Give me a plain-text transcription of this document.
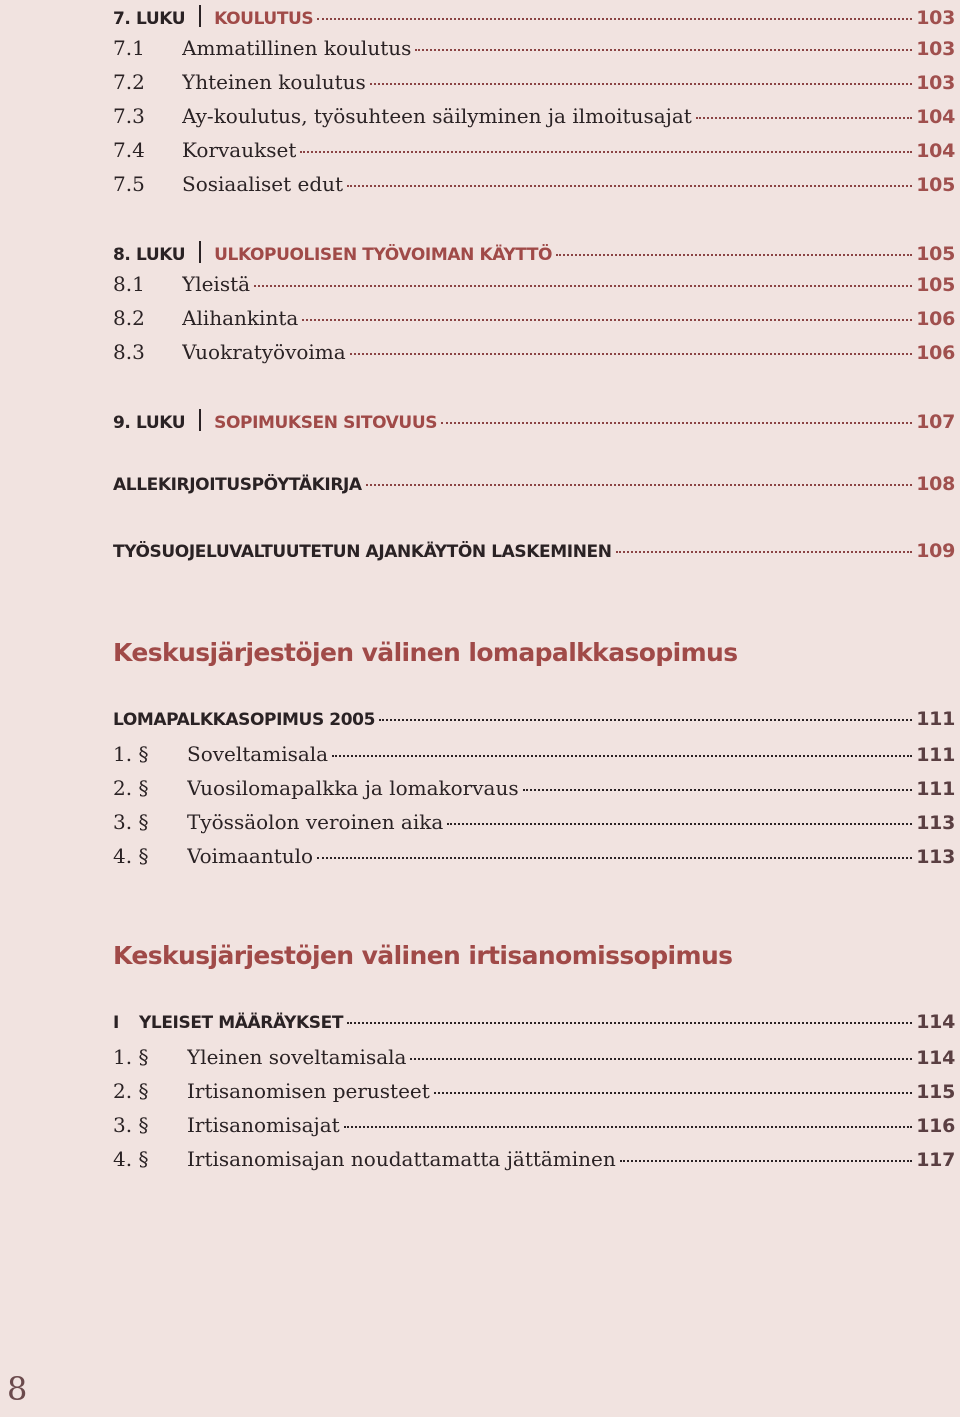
7. LUKU KOULUTUS	103
7.1	Ammatillinen koulutus	103
7.2	Yhteinen koulutus	103
7.3	Ay-koulutus, työsuhteen säilyminen ja ilmoitusajat	104
7.4	Korvaukset	104
7.5	Sosiaaliset edut	105
8. LUKU ULKOPUOLISEN TYÖVOIMAN KÄYTTÖ	105
8.1	Yleistä	105
8.2	Alihankinta	106
8.3	Vuokratyövoima	106
9. LUKU SOPIMUKSEN SITOVUUS	107
ALLEKIRJOITUSPÖYTÄKIRJA	108
TYÖSUOJELUVALTUUTETUN AJANKÄYTÖN LASKEMINEN	109
LOMAPALKKASOPIMUS 2005	111
1. §	Soveltamisala	111
2. §	Vuosilomapalkka ja lomakorvaus	111
3. §	Työssäolon veroinen aika	113
4. §	Voimaantulo	113
I	YLEISET MÄÄRÄYKSET	114
1. §	Yleinen soveltamisala	114
2. §	Irtisanomisen perusteet	115
3. §	Irtisanomisajat	116
4. §	Irtisanomisajan noudattamatta jättäminen	117
Keskusjärjestöjen välinen lomapalkkasopimus
Keskusjärjestöjen välinen irtisanomissopimus
8
